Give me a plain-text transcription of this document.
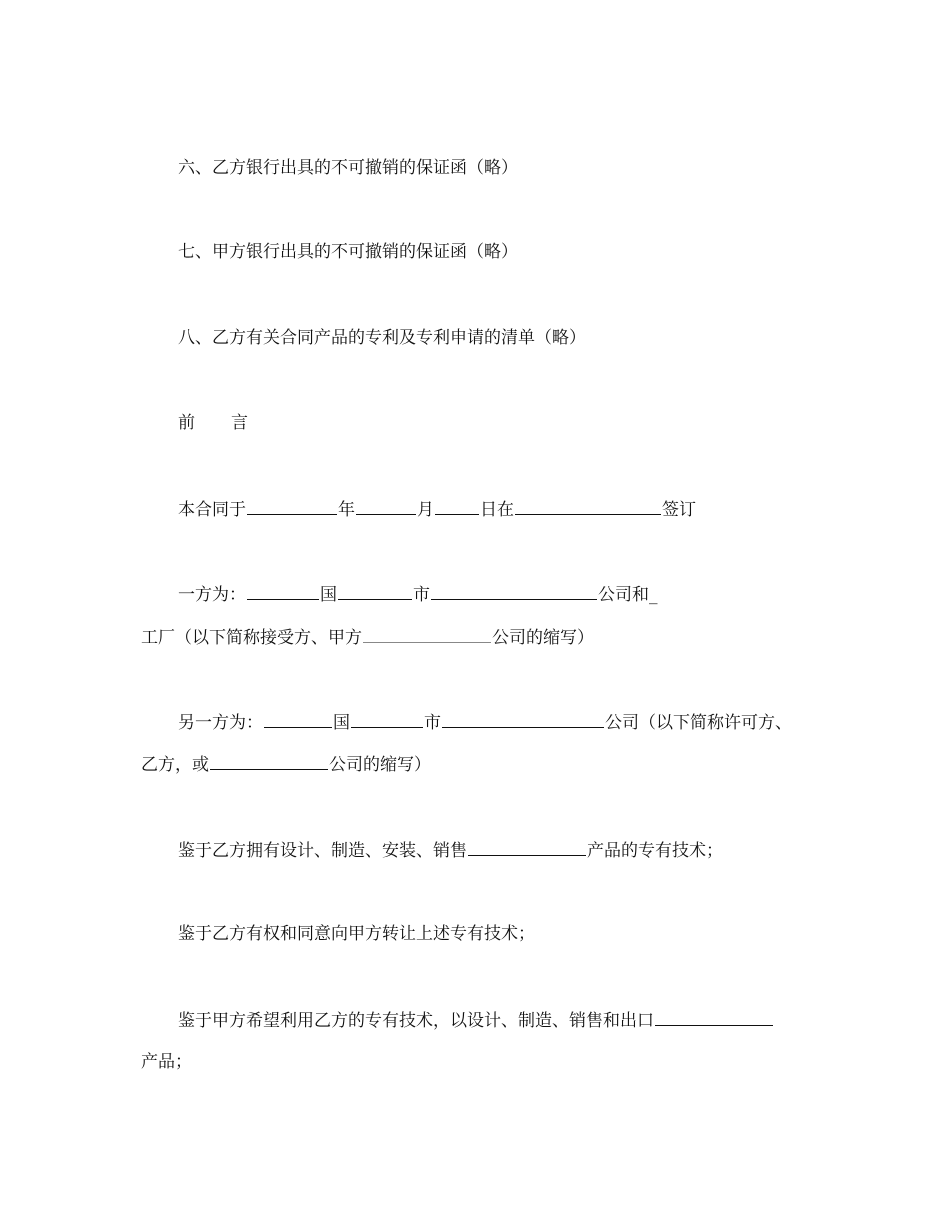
六、乙方银行出具的不可撤销的保证函（略）
七、甲方银行出具的不可撤销的保证函（略）
八、乙方有关合同产品的专利及专利申请的清单（略）
前 言
本合同于	年	月	日在	签订
一方为：	国	市	公司和_
工厂（以下简称接受方、甲方	公司的缩写）
另一方为：	国	市	公司（以下简称许可方、
乙方，或	公司的缩写）
鉴于乙方拥有设计、制造、安装、销售	产品的专有技术；
鉴于乙方有权和同意向甲方转让上述专有技术；
鉴于甲方希望利用乙方的专有技术，以设计、制造、销售和出口
产品；
